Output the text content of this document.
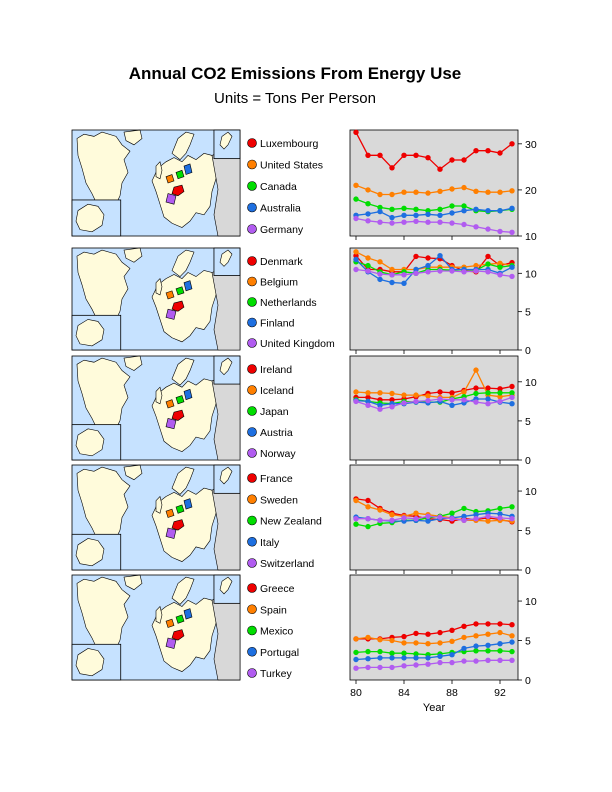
Annual CO2 Emissions From Energy Use
Units = Tons Per Person
Luxembourg
United States
Canada
Australia
Germany
10
20
30
Denmark
Belgium
Netherlands
Finland
United Kingdom
0
5
10
Ireland
Iceland
Japan
Austria
Norway
0
5
10
France
Sweden
New Zealand
Italy
Switzerland
0
5
10
Greece
Spain
Mexico
Portugal
Turkey
0
5
10
80	84	88	92
Year
